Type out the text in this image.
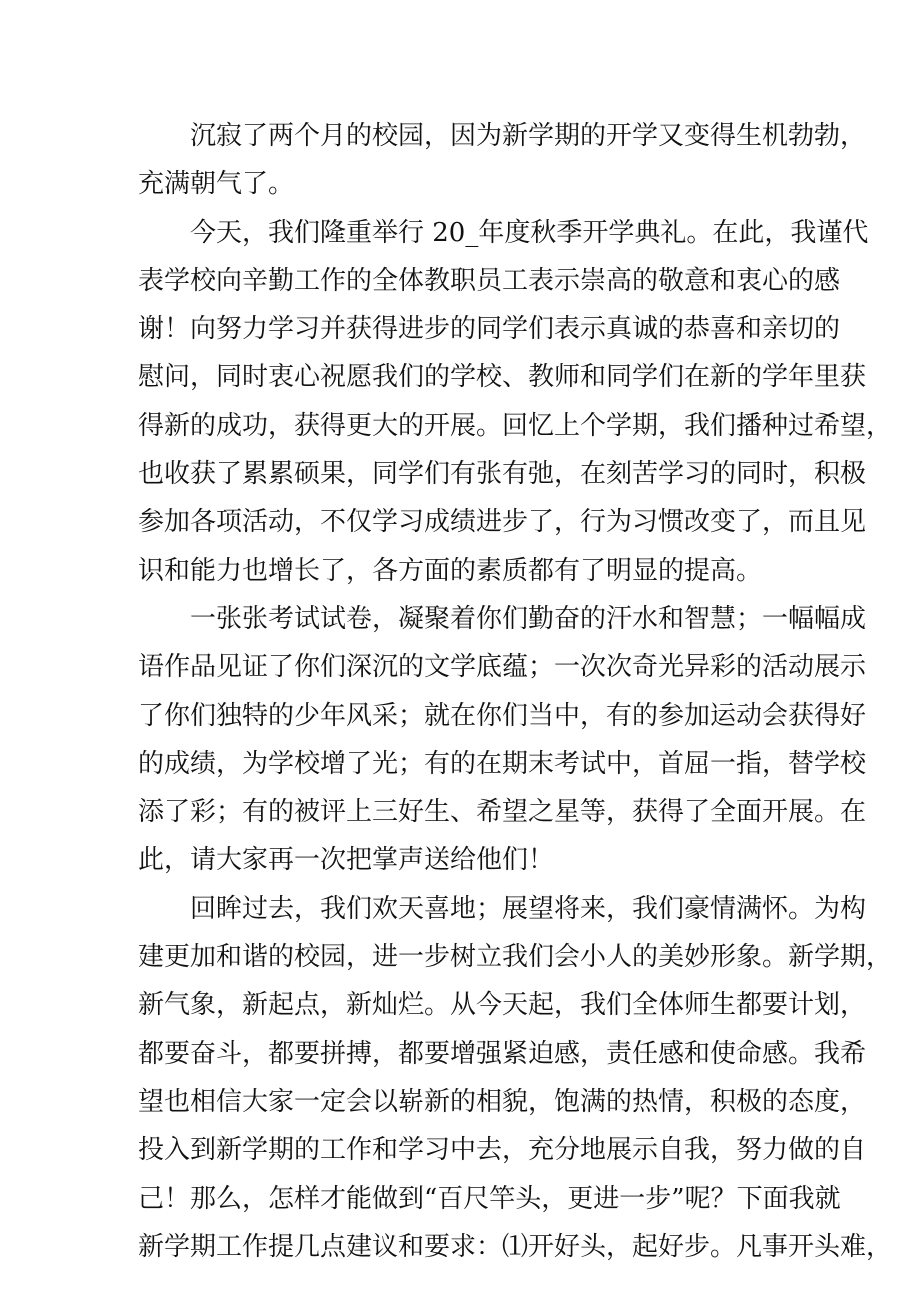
沉寂了两个月的校园，因为新学期的开学又变得生机勃勃，
充满朝气了。
今天，我们隆重举行 20_年度秋季开学典礼。在此，我谨代
表学校向辛勤工作的全体教职员工表示崇高的敬意和衷心的感
谢！向努力学习并获得进步的同学们表示真诚的恭喜和亲切的
慰问，同时衷心祝愿我们的学校、教师和同学们在新的学年里获
得新的成功，获得更大的开展。回忆上个学期，我们播种过希望，
也收获了累累硕果，同学们有张有弛，在刻苦学习的同时，积极
参加各项活动，不仅学习成绩进步了，行为习惯改变了，而且见
识和能力也增长了，各方面的素质都有了明显的提高。
一张张考试试卷，凝聚着你们勤奋的汗水和智慧；一幅幅成
语作品见证了你们深沉的文学底蕴；一次次奇光异彩的活动展示
了你们独特的少年风采；就在你们当中，有的参加运动会获得好
的成绩，为学校增了光；有的在期末考试中，首屈一指，替学校
添了彩；有的被评上三好生、希望之星等，获得了全面开展。在
此，请大家再一次把掌声送给他们！
回眸过去，我们欢天喜地；展望将来，我们豪情满怀。为构
建更加和谐的校园，进一步树立我们会小人的美妙形象。新学期，
新气象，新起点，新灿烂。从今天起，我们全体师生都要计划，
都要奋斗，都要拼搏，都要增强紧迫感，责任感和使命感。我希
望也相信大家一定会以崭新的相貌，饱满的热情，积极的态度，
投入到新学期的工作和学习中去，充分地展示自我，努力做的自
己！那么，怎样才能做到“百尺竿头，更进一步”呢？下面我就
新学期工作提几点建议和要求：⑴开好头，起好步。凡事开头难，
